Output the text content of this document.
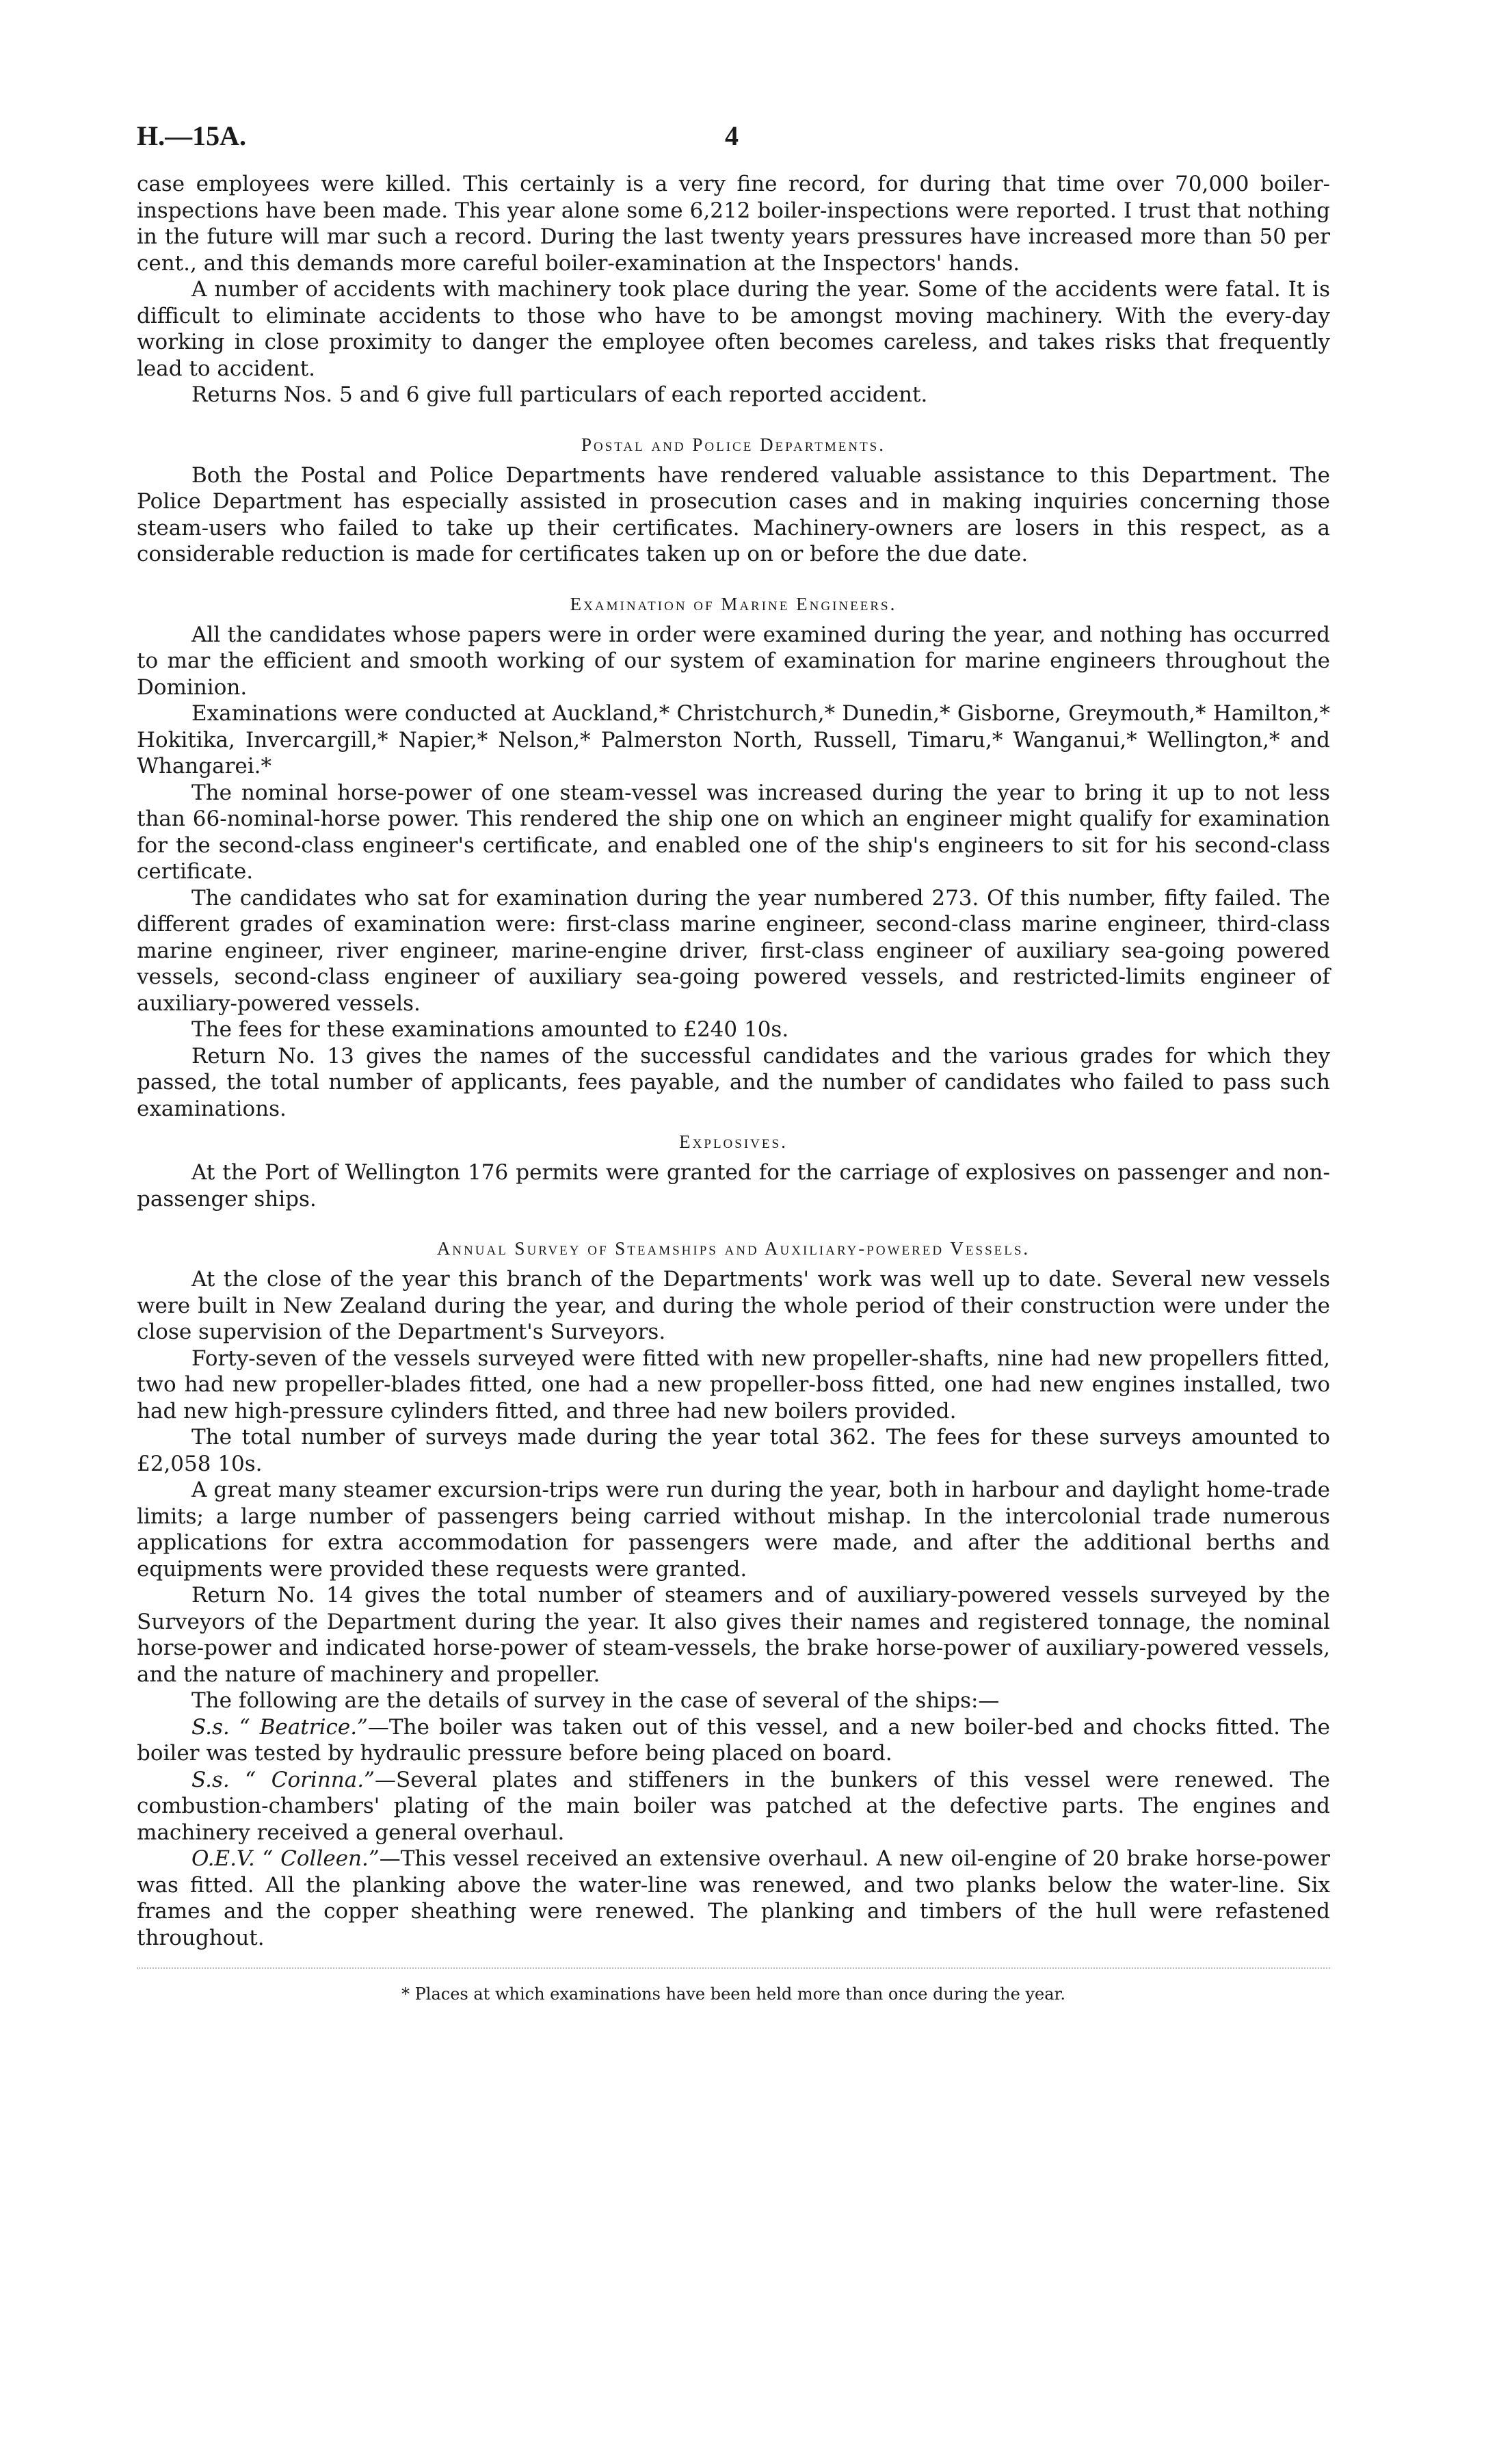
H.—15A.	4

case employees were killed. This certainly is a very fine record, for during that time over 70,000 boiler-inspections have been made. This year alone some 6,212 boiler-inspections were reported. I trust that nothing in the future will mar such a record. During the last twenty years pressures have increased more than 50 per cent., and this demands more careful boiler-examination at the Inspectors' hands.

A number of accidents with machinery took place during the year. Some of the accidents were fatal. It is difficult to eliminate accidents to those who have to be amongst moving machinery. With the every-day working in close proximity to danger the employee often becomes careless, and takes risks that frequently lead to accident.

Returns Nos. 5 and 6 give full particulars of each reported accident.

Postal and Police Departments.

Both the Postal and Police Departments have rendered valuable assistance to this Department. The Police Department has especially assisted in prosecution cases and in making inquiries concerning those steam-users who failed to take up their certificates. Machinery-owners are losers in this respect, as a considerable reduction is made for certificates taken up on or before the due date.

Examination of Marine Engineers.

All the candidates whose papers were in order were examined during the year, and nothing has occurred to mar the efficient and smooth working of our system of examination for marine engineers throughout the Dominion.

Examinations were conducted at Auckland,* Christchurch,* Dunedin,* Gisborne, Greymouth,* Hamilton,* Hokitika, Invercargill,* Napier,* Nelson,* Palmerston North, Russell, Timaru,* Wanganui,* Wellington,* and Whangarei.*

The nominal horse-power of one steam-vessel was increased during the year to bring it up to not less than 66-nominal-horse power. This rendered the ship one on which an engineer might qualify for examination for the second-class engineer's certificate, and enabled one of the ship's engineers to sit for his second-class certificate.

The candidates who sat for examination during the year numbered 273. Of this number, fifty failed. The different grades of examination were: first-class marine engineer, second-class marine engineer, third-class marine engineer, river engineer, marine-engine driver, first-class engineer of auxiliary sea-going powered vessels, second-class engineer of auxiliary sea-going powered vessels, and restricted-limits engineer of auxiliary-powered vessels.

The fees for these examinations amounted to £240 10s.

Return No. 13 gives the names of the successful candidates and the various grades for which they passed, the total number of applicants, fees payable, and the number of candidates who failed to pass such examinations.

Explosives.

At the Port of Wellington 176 permits were granted for the carriage of explosives on passenger and non-passenger ships.

Annual Survey of Steamships and Auxiliary-powered Vessels.

At the close of the year this branch of the Departments' work was well up to date. Several new vessels were built in New Zealand during the year, and during the whole period of their construction were under the close supervision of the Department's Surveyors.

Forty-seven of the vessels surveyed were fitted with new propeller-shafts, nine had new propellers fitted, two had new propeller-blades fitted, one had a new propeller-boss fitted, one had new engines installed, two had new high-pressure cylinders fitted, and three had new boilers provided.

The total number of surveys made during the year total 362. The fees for these surveys amounted to £2,058 10s.

A great many steamer excursion-trips were run during the year, both in harbour and daylight home-trade limits; a large number of passengers being carried without mishap. In the intercolonial trade numerous applications for extra accommodation for passengers were made, and after the additional berths and equipments were provided these requests were granted.

Return No. 14 gives the total number of steamers and of auxiliary-powered vessels surveyed by the Surveyors of the Department during the year. It also gives their names and registered tonnage, the nominal horse-power and indicated horse-power of steam-vessels, the brake horse-power of auxiliary-powered vessels, and the nature of machinery and propeller.

The following are the details of survey in the case of several of the ships:—

S.s. “ Beatrice.”—The boiler was taken out of this vessel, and a new boiler-bed and chocks fitted. The boiler was tested by hydraulic pressure before being placed on board.

S.s. “ Corinna.”—Several plates and stiffeners in the bunkers of this vessel were renewed. The combustion-chambers' plating of the main boiler was patched at the defective parts. The engines and machinery received a general overhaul.

O.E.V. “ Colleen.”—This vessel received an extensive overhaul. A new oil-engine of 20 brake horse-power was fitted. All the planking above the water-line was renewed, and two planks below the water-line. Six frames and the copper sheathing were renewed. The planking and timbers of the hull were refastened throughout.

* Places at which examinations have been held more than once during the year.
